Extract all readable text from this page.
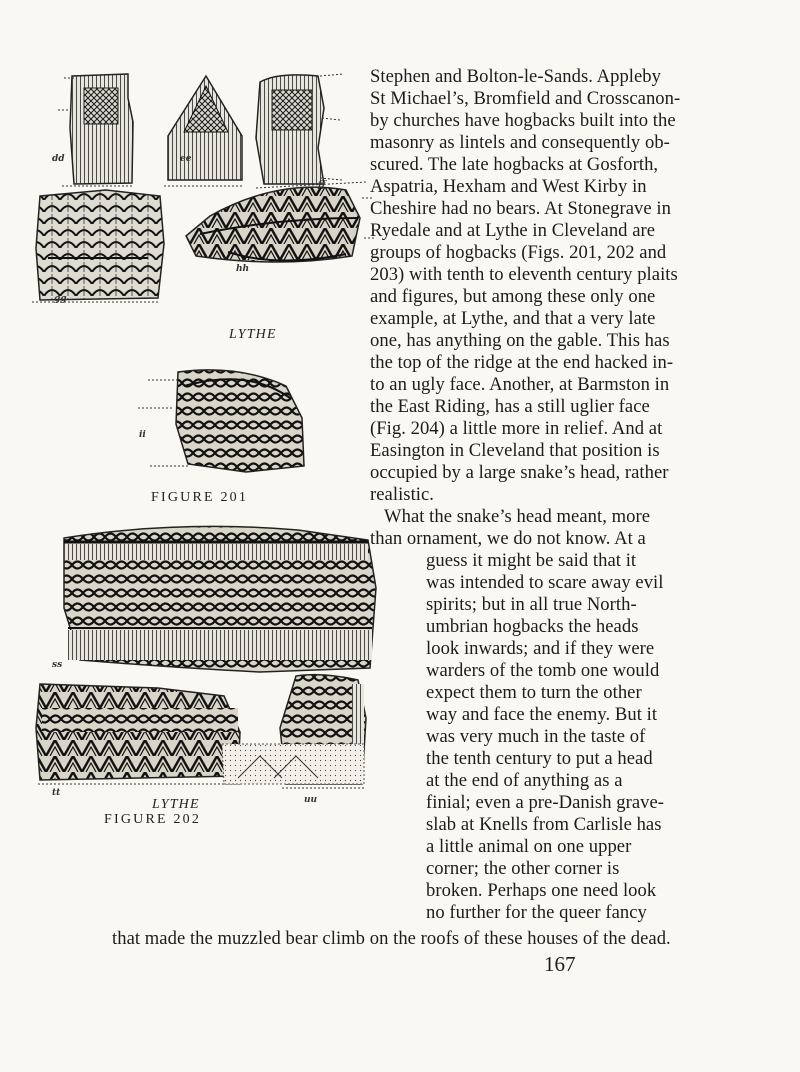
dd	ee
ff
gg
hh
ii
LYTHE
FIGURE 201
ss
tt
uu
LYTHE
FIGURE 202
Stephen and Bolton-le-Sands. Appleby
St Michael’s, Bromfield and Crosscanon-
by churches have hogbacks built into the
masonry as lintels and consequently ob-
scured. The late hogbacks at Gosforth,
Aspatria, Hexham and West Kirby in
Cheshire had no bears. At Stonegrave in
Ryedale and at Lythe in Cleveland are
groups of hogbacks (Figs. 201, 202 and
203) with tenth to eleventh century plaits
and figures, but among these only one
example, at Lythe, and that a very late
one, has anything on the gable. This has
the top of the ridge at the end hacked in-
to an ugly face. Another, at Barmston in
the East Riding, has a still uglier face
(Fig. 204) a little more in relief. And at
Easington in Cleveland that position is
occupied by a large snake’s head, rather
realistic.
What the snake’s head meant, more
than ornament, we do not know. At a
guess it might be said that it
was intended to scare away evil
spirits; but in all true North-
umbrian hogbacks the heads
look inwards; and if they were
warders of the tomb one would
expect them to turn the other
way and face the enemy. But it
was very much in the taste of
the tenth century to put a head
at the end of anything as a
finial; even a pre-Danish grave-
slab at Knells from Carlisle has
a little animal on one upper
corner; the other corner is
broken. Perhaps one need look
no further for the queer fancy
that made the muzzled bear climb on the roofs of these houses of the dead.
167
